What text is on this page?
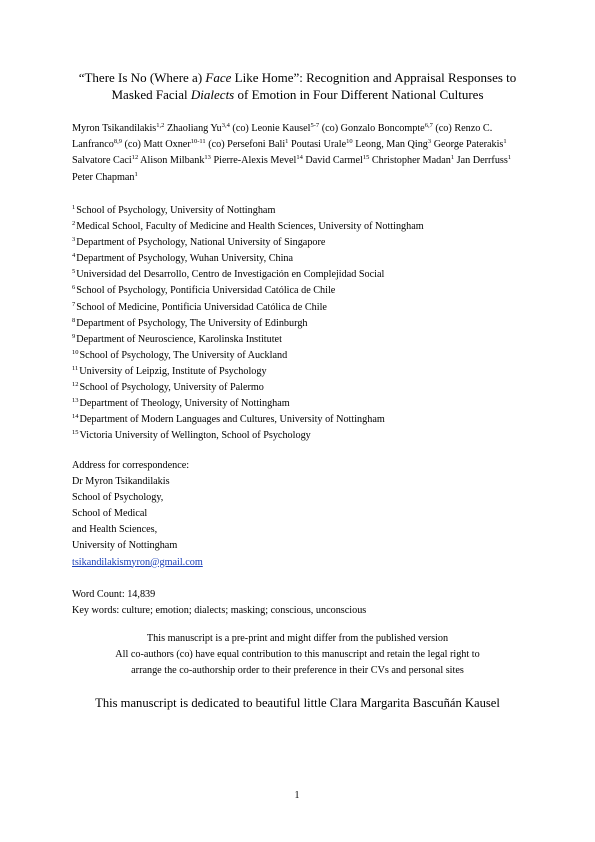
“There Is No (Where a) Face Like Home”: Recognition and Appraisal Responses to Masked Facial Dialects of Emotion in Four Different National Cultures
Myron Tsikandilakis$^{1,2}$ Zhaoliang Yu$^{3,4}$ (co) Leonie Kausel$^{5-7}$ (co) Gonzalo Boncompte$^{6,7}$ (co) Renzo C. Lanfranco$^{8,9}$ (co) Matt Oxner$^{10-11}$ (co) Persefoni Bali$^1$ Poutasi Urale$^{10}$ Leong, Man Qing$^3$ George Paterakis$^1$ Salvatore Caci$^{12}$ Alison Milbank$^{13}$ Pierre-Alexis Mevel$^{14}$ David Carmel$^{15}$ Christopher Madan$^1$ Jan Derrfuss$^1$ Peter Chapman$^1$
$^1$School of Psychology, University of Nottingham
$^2$Medical School, Faculty of Medicine and Health Sciences, University of Nottingham
$^3$Department of Psychology, National University of Singapore
$^4$Department of Psychology, Wuhan University, China
$^5$Universidad del Desarrollo, Centro de Investigación en Complejidad Social
$^6$School of Psychology, Pontificia Universidad Católica de Chile
$^7$School of Medicine, Pontificia Universidad Católica de Chile
$^8$Department of Psychology, The University of Edinburgh
$^9$Department of Neuroscience, Karolinska Institutet
$^{10}$School of Psychology, The University of Auckland
$^{11}$University of Leipzig, Institute of Psychology
$^{12}$School of Psychology, University of Palermo
$^{13}$Department of Theology, University of Nottingham
$^{14}$Department of Modern Languages and Cultures, University of Nottingham
$^{15}$Victoria University of Wellington, School of Psychology
Address for correspondence:
Dr Myron Tsikandilakis
School of Psychology,
School of Medical
and Health Sciences,
University of Nottingham
tsikandilakismyron@gmail.com
Word Count: 14,839
Key words: culture; emotion; dialects; masking; conscious, unconscious
This manuscript is a pre-print and might differ from the published version
All co-authors (co) have equal contribution to this manuscript and retain the legal right to
arrange the co-authorship order to their preference in their CVs and personal sites
This manuscript is dedicated to beautiful little Clara Margarita Bascuñán Kausel
1
